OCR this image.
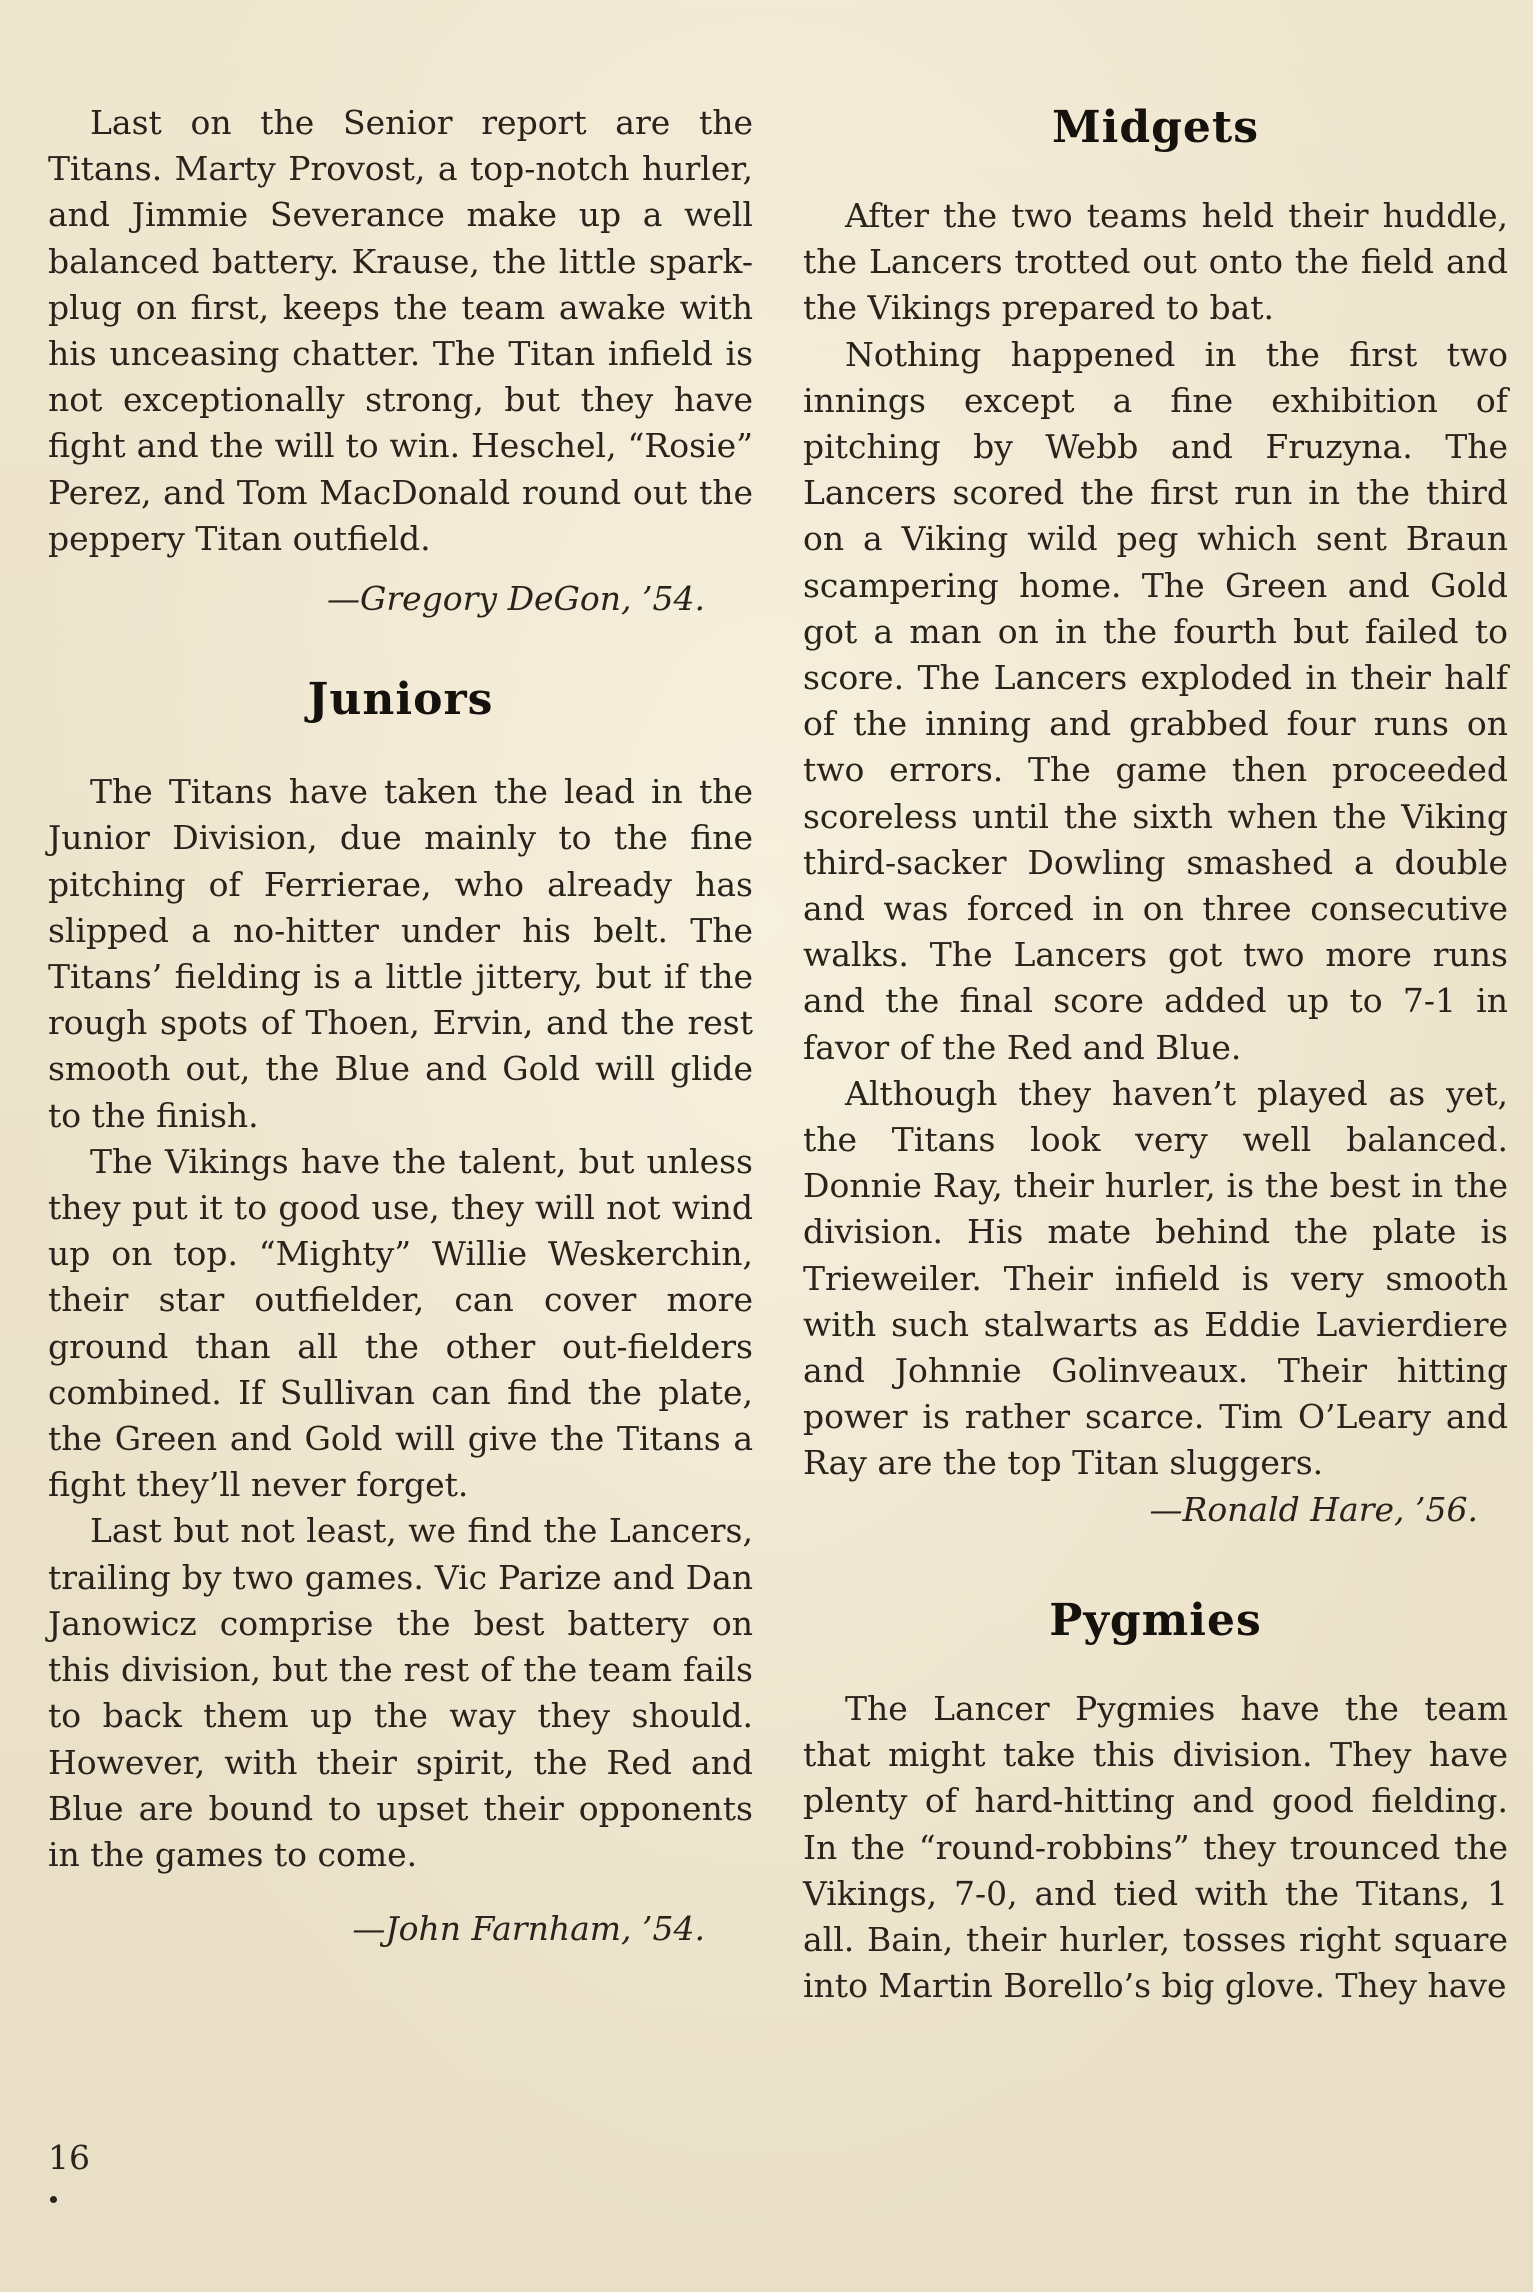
Last on the Senior report are the Titans. Marty Provost, a top-notch hurler, and Jimmie Severance make up a well balanced battery. Krause, the little spark-plug on first, keeps the team awake with his unceasing chatter. The Titan infield is not exceptionally strong, but they have fight and the will to win. Heschel, “Rosie” Perez, and Tom MacDonald round out the peppery Titan outfield.

—Gregory DeGon, ’54.

Juniors

The Titans have taken the lead in the Junior Division, due mainly to the fine pitching of Ferrierae, who already has slipped a no-hitter under his belt. The Titans’ fielding is a little jittery, but if the rough spots of Thoen, Ervin, and the rest smooth out, the Blue and Gold will glide to the finish.

The Vikings have the talent, but unless they put it to good use, they will not wind up on top. “Mighty” Willie Weskerchin, their star outfielder, can cover more ground than all the other out-fielders combined. If Sullivan can find the plate, the Green and Gold will give the Titans a fight they’ll never forget.

Last but not least, we find the Lancers, trailing by two games. Vic Parize and Dan Janowicz comprise the best battery on this division, but the rest of the team fails to back them up the way they should. However, with their spirit, the Red and Blue are bound to upset their opponents in the games to come.

—John Farnham, ’54.

Midgets

After the two teams held their huddle, the Lancers trotted out onto the field and the Vikings prepared to bat.

Nothing happened in the first two innings except a fine exhibition of pitching by Webb and Fruzyna. The Lancers scored the first run in the third on a Viking wild peg which sent Braun scampering home. The Green and Gold got a man on in the fourth but failed to score. The Lancers exploded in their half of the inning and grabbed four runs on two errors. The game then proceeded scoreless until the sixth when the Viking third-sacker Dowling smashed a double and was forced in on three consecutive walks. The Lancers got two more runs and the final score added up to 7-1 in favor of the Red and Blue.

Although they haven’t played as yet, the Titans look very well balanced. Donnie Ray, their hurler, is the best in the division. His mate behind the plate is Trieweiler. Their infield is very smooth with such stalwarts as Eddie Lavierdiere and Johnnie Golinveaux. Their hitting power is rather scarce. Tim O’Leary and Ray are the top Titan sluggers.

—Ronald Hare, ’56.

Pygmies

The Lancer Pygmies have the team that might take this division. They have plenty of hard-hitting and good fielding. In the “round-robbins” they trounced the Vikings, 7-0, and tied with the Titans, 1 all. Bain, their hurler, tosses right square into Martin Borello’s big glove. They have

16
